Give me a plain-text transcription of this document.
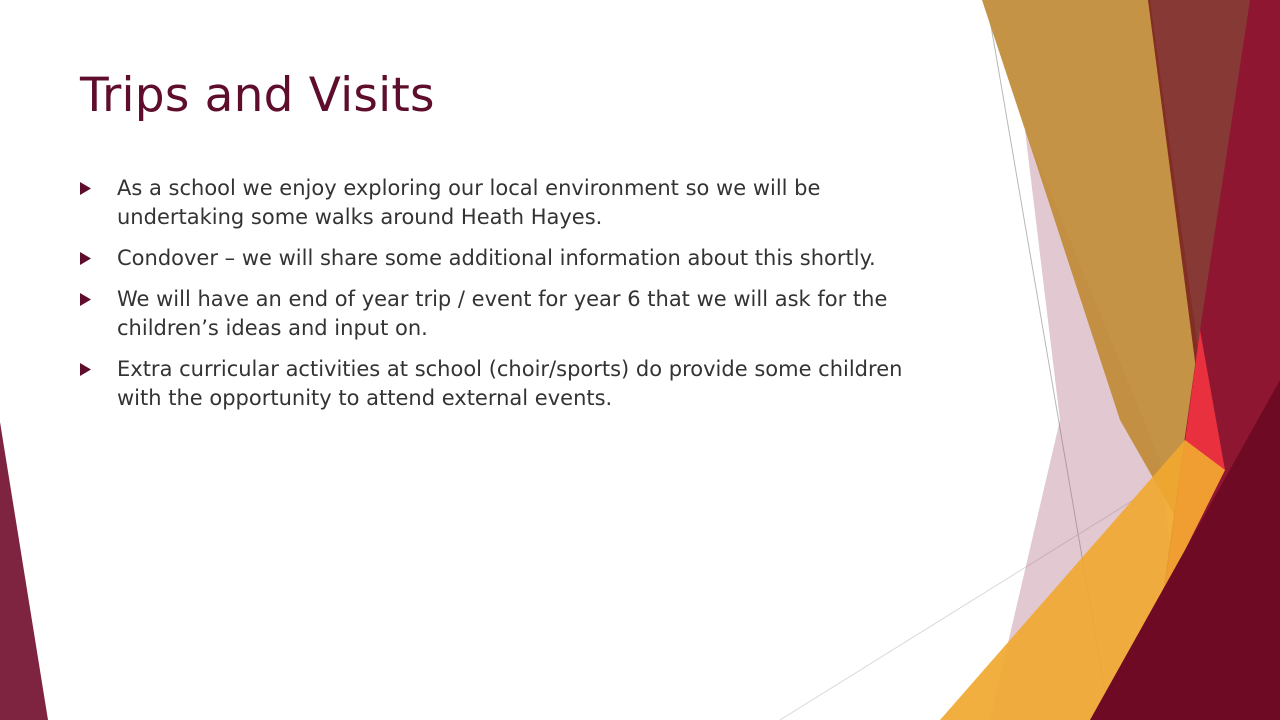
Trips and Visits
As a school we enjoy exploring our local environment so we will be undertaking some walks around Heath Hayes.
Condover – we will share some additional information about this shortly.
We will have an end of year trip / event for year 6 that we will ask for the children’s ideas and input on.
Extra curricular activities at school (choir/sports) do provide some children with the opportunity to attend external events.
